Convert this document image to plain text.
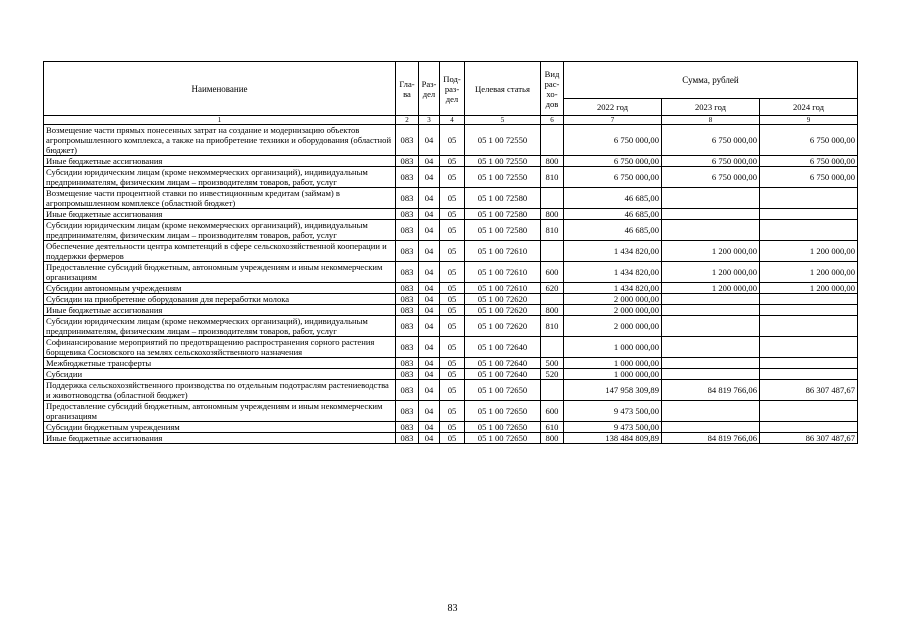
Наименование	Гла-ва	Раз-дел	Под-раз-дел	Целевая статья	Вид рас-хо-дов	Сумма, рублей		
						2022 год	2023 год	2024 год
1	2	3	4	5	6	7	8	9
Возмещение части прямых понесенных затрат на создание и модернизацию объектов агропромышленного комплекса, а также на приобретение техники и оборудования (областной бюджет)	083	04	05	05 1 00 72550		6 750 000,00	6 750 000,00	6 750 000,00
Иные бюджетные ассигнования	083	04	05	05 1 00 72550	800	6 750 000,00	6 750 000,00	6 750 000,00
Субсидии юридическим лицам (кроме некоммерческих организаций), индивидуальным предпринимателям, физическим лицам – производителям товаров, работ, услуг	083	04	05	05 1 00 72550	810	6 750 000,00	6 750 000,00	6 750 000,00
Возмещение части процентной ставки по инвестиционным кредитам (займам) в агропромышленном комплексе (областной бюджет)	083	04	05	05 1 00 72580		46 685,00		
Иные бюджетные ассигнования	083	04	05	05 1 00 72580	800	46 685,00		
Субсидии юридическим лицам (кроме некоммерческих организаций), индивидуальным предпринимателям, физическим лицам – производителям товаров, работ, услуг	083	04	05	05 1 00 72580	810	46 685,00		
Обеспечение деятельности центра компетенций в сфере сельскохозяйственной кооперации и поддержки фермеров	083	04	05	05 1 00 72610		1 434 820,00	1 200 000,00	1 200 000,00
Предоставление субсидий бюджетным, автономным учреждениям и иным некоммерческим организациям	083	04	05	05 1 00 72610	600	1 434 820,00	1 200 000,00	1 200 000,00
Субсидии автономным учреждениям	083	04	05	05 1 00 72610	620	1 434 820,00	1 200 000,00	1 200 000,00
Субсидии на приобретение оборудования для переработки молока	083	04	05	05 1 00 72620		2 000 000,00		
Иные бюджетные ассигнования	083	04	05	05 1 00 72620	800	2 000 000,00		
Субсидии юридическим лицам (кроме некоммерческих организаций), индивидуальным предпринимателям, физическим лицам – производителям товаров, работ, услуг	083	04	05	05 1 00 72620	810	2 000 000,00		
Софинансирование мероприятий по предотвращению распространения сорного растения борщевика Сосновского на землях сельскохозяйственного назначения	083	04	05	05 1 00 72640		1 000 000,00		
Межбюджетные трансферты	083	04	05	05 1 00 72640	500	1 000 000,00		
Субсидии	083	04	05	05 1 00 72640	520	1 000 000,00		
Поддержка сельскохозяйственного производства по отдельным подотраслям растениеводства и животноводства (областной бюджет)	083	04	05	05 1 00 72650		147 958 309,89	84 819 766,06	86 307 487,67
Предоставление субсидий бюджетным, автономным учреждениям и иным некоммерческим организациям	083	04	05	05 1 00 72650	600	9 473 500,00		
Субсидии бюджетным учреждениям	083	04	05	05 1 00 72650	610	9 473 500,00		
Иные бюджетные ассигнования	083	04	05	05 1 00 72650	800	138 484 809,89	84 819 766,06	86 307 487,67
83
